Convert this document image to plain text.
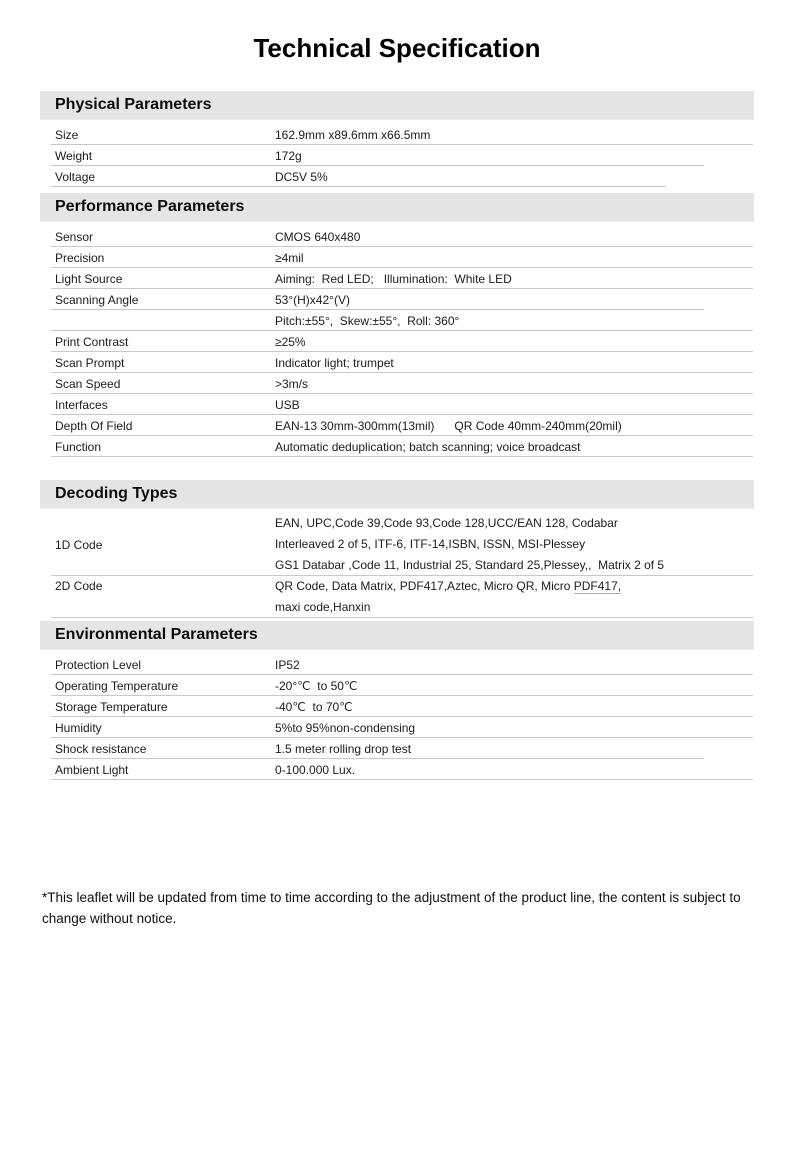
Technical Specification
Physical Parameters
Size	162.9mm x89.6mm x66.5mm
Weight	172g
Voltage	DC5V 5%
Performance Parameters
Sensor	CMOS 640x480
Precision	≥4mil
Light Source	Aiming:  Red LED;   Illumination:  White LED
Scanning Angle	53°(H)x42°(V)
Pitch:±55°,  Skew:±55°,  Roll: 360°
Print Contrast	≥25%
Scan Prompt	Indicator light; trumpet
Scan Speed	>3m/s
Interfaces	USB
Depth Of Field	EAN-13 30mm-300mm(13mil)      QR Code 40mm-240mm(20mil)
Function	Automatic deduplication; batch scanning; voice broadcast
Decoding Types
1D Code
EAN, UPC,Code 39,Code 93,Code 128,UCC/EAN 128, Codabar
Interleaved 2 of 5, ITF-6, ITF-14,ISBN, ISSN, MSI-Plessey
GS1 Databar ,Code 11, Industrial 25, Standard 25,Plessey,,  Matrix 2 of 5
2D Code	QR Code, Data Matrix, PDF417,Aztec, Micro QR, Micro PDF417,
maxi code,Hanxin
Environmental Parameters
Protection Level	IP52
Operating Temperature	-20°℃  to 50℃
Storage Temperature	-40℃  to 70℃
Humidity	5%to 95%non-condensing
Shock resistance	1.5 meter rolling drop test
Ambient Light	0-100.000 Lux.

*This leaflet will be updated from time to time according to the adjustment of the product line, the content is subject to change without notice.
